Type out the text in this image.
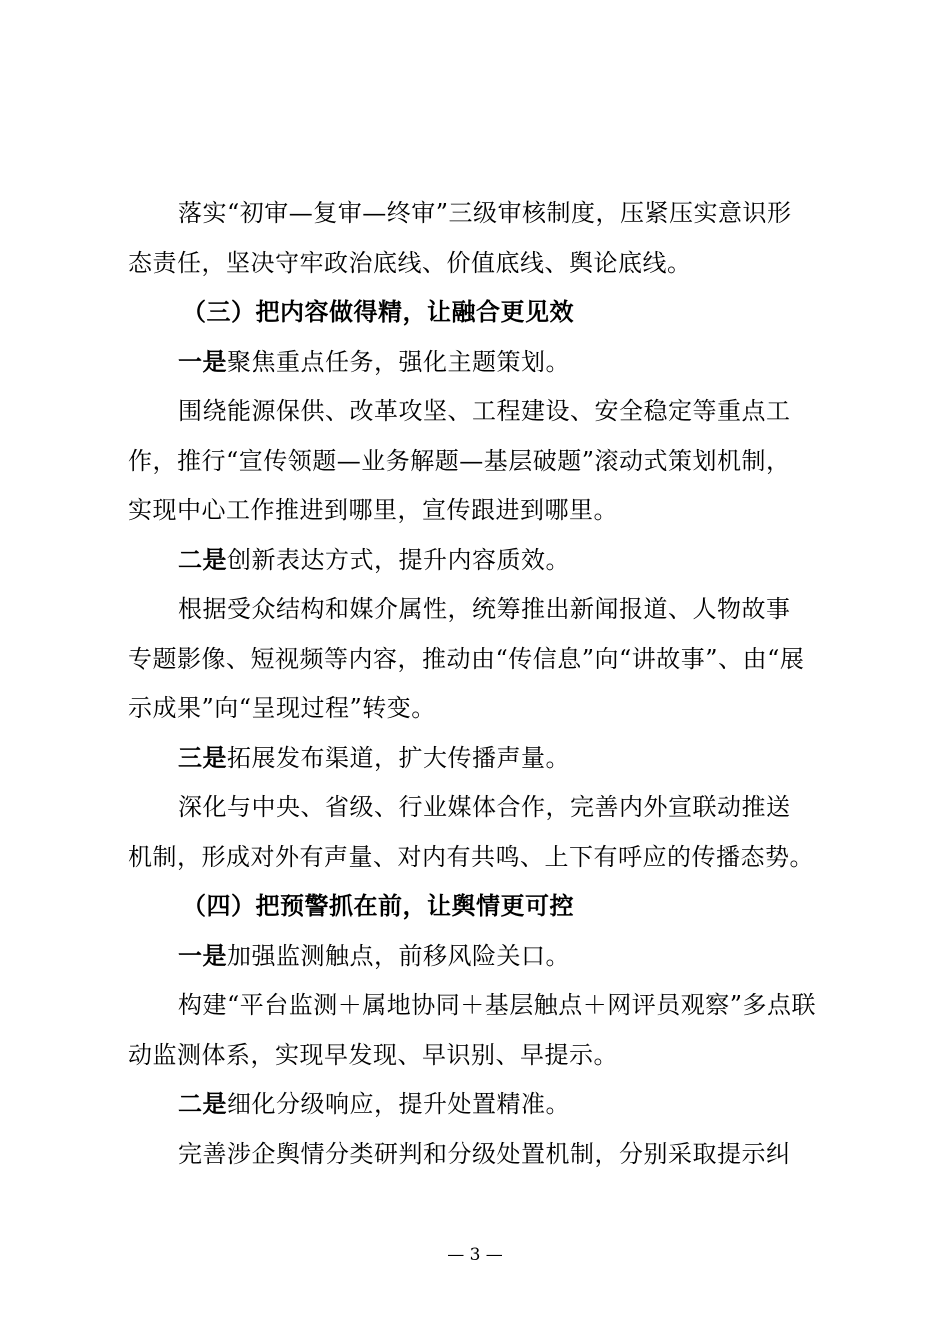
落实“初审—复审—终审”三级审核制度，压紧压实意识形

态责任，坚决守牢政治底线、价值底线、舆论底线。

（三）把内容做得精，让融合更见效

一是聚焦重点任务，强化主题策划。

围绕能源保供、改革攻坚、工程建设、安全稳定等重点工

作，推行“宣传领题—业务解题—基层破题”滚动式策划机制，

实现中心工作推进到哪里，宣传跟进到哪里。

二是创新表达方式，提升内容质效。

根据受众结构和媒介属性，统筹推出新闻报道、人物故事

专题影像、短视频等内容，推动由“传信息”向“讲故事”、由“展

示成果”向“呈现过程”转变。

三是拓展发布渠道，扩大传播声量。

深化与中央、省级、行业媒体合作，完善内外宣联动推送

机制，形成对外有声量、对内有共鸣、上下有呼应的传播态势。

（四）把预警抓在前，让舆情更可控

一是加强监测触点，前移风险关口。

构建“平台监测＋属地协同＋基层触点＋网评员观察”多点联

动监测体系，实现早发现、早识别、早提示。

二是细化分级响应，提升处置精准。

完善涉企舆情分类研判和分级处置机制，分别采取提示纠

— 3 —
